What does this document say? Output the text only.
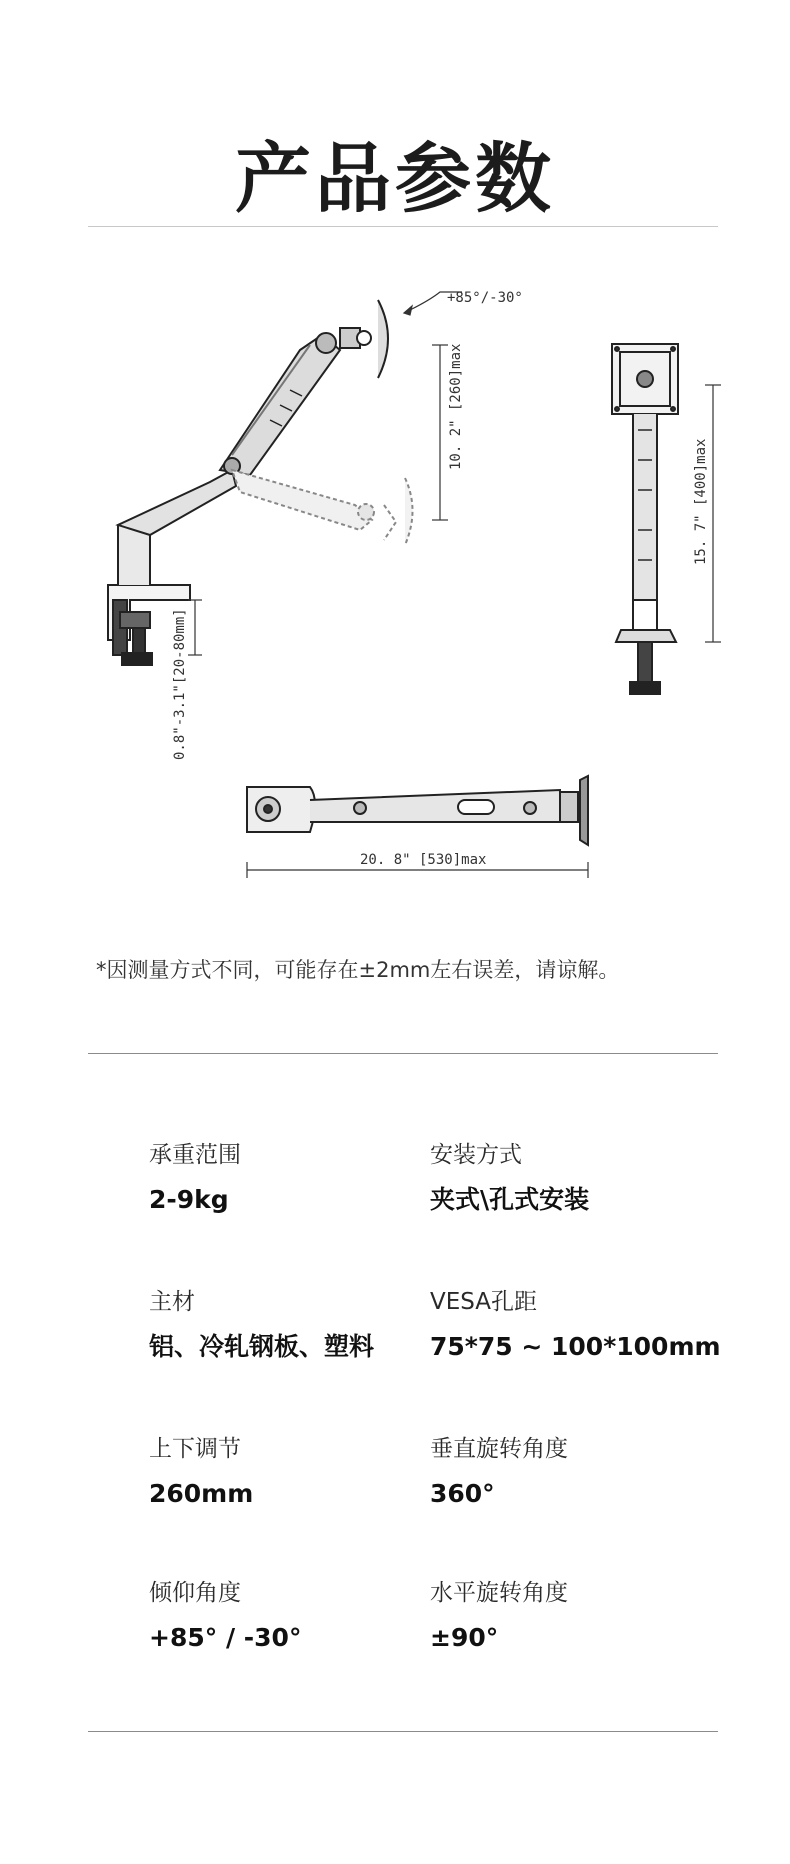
产品参数
+85°/-30°
10. 2" [260]max
0.8"-3.1"[20-80mm]
15. 7" [400]max
20. 8" [530]max
*因测量方式不同，可能存在±2mm左右误差，请谅解。
承重范围
2-9kg
安装方式
夹式\孔式安装
主材
铝、冷轧钢板、塑料
VESA孔距
75*75 ~ 100*100mm
上下调节
260mm
垂直旋转角度
360°
倾仰角度
+85° / -30°
水平旋转角度
±90°
